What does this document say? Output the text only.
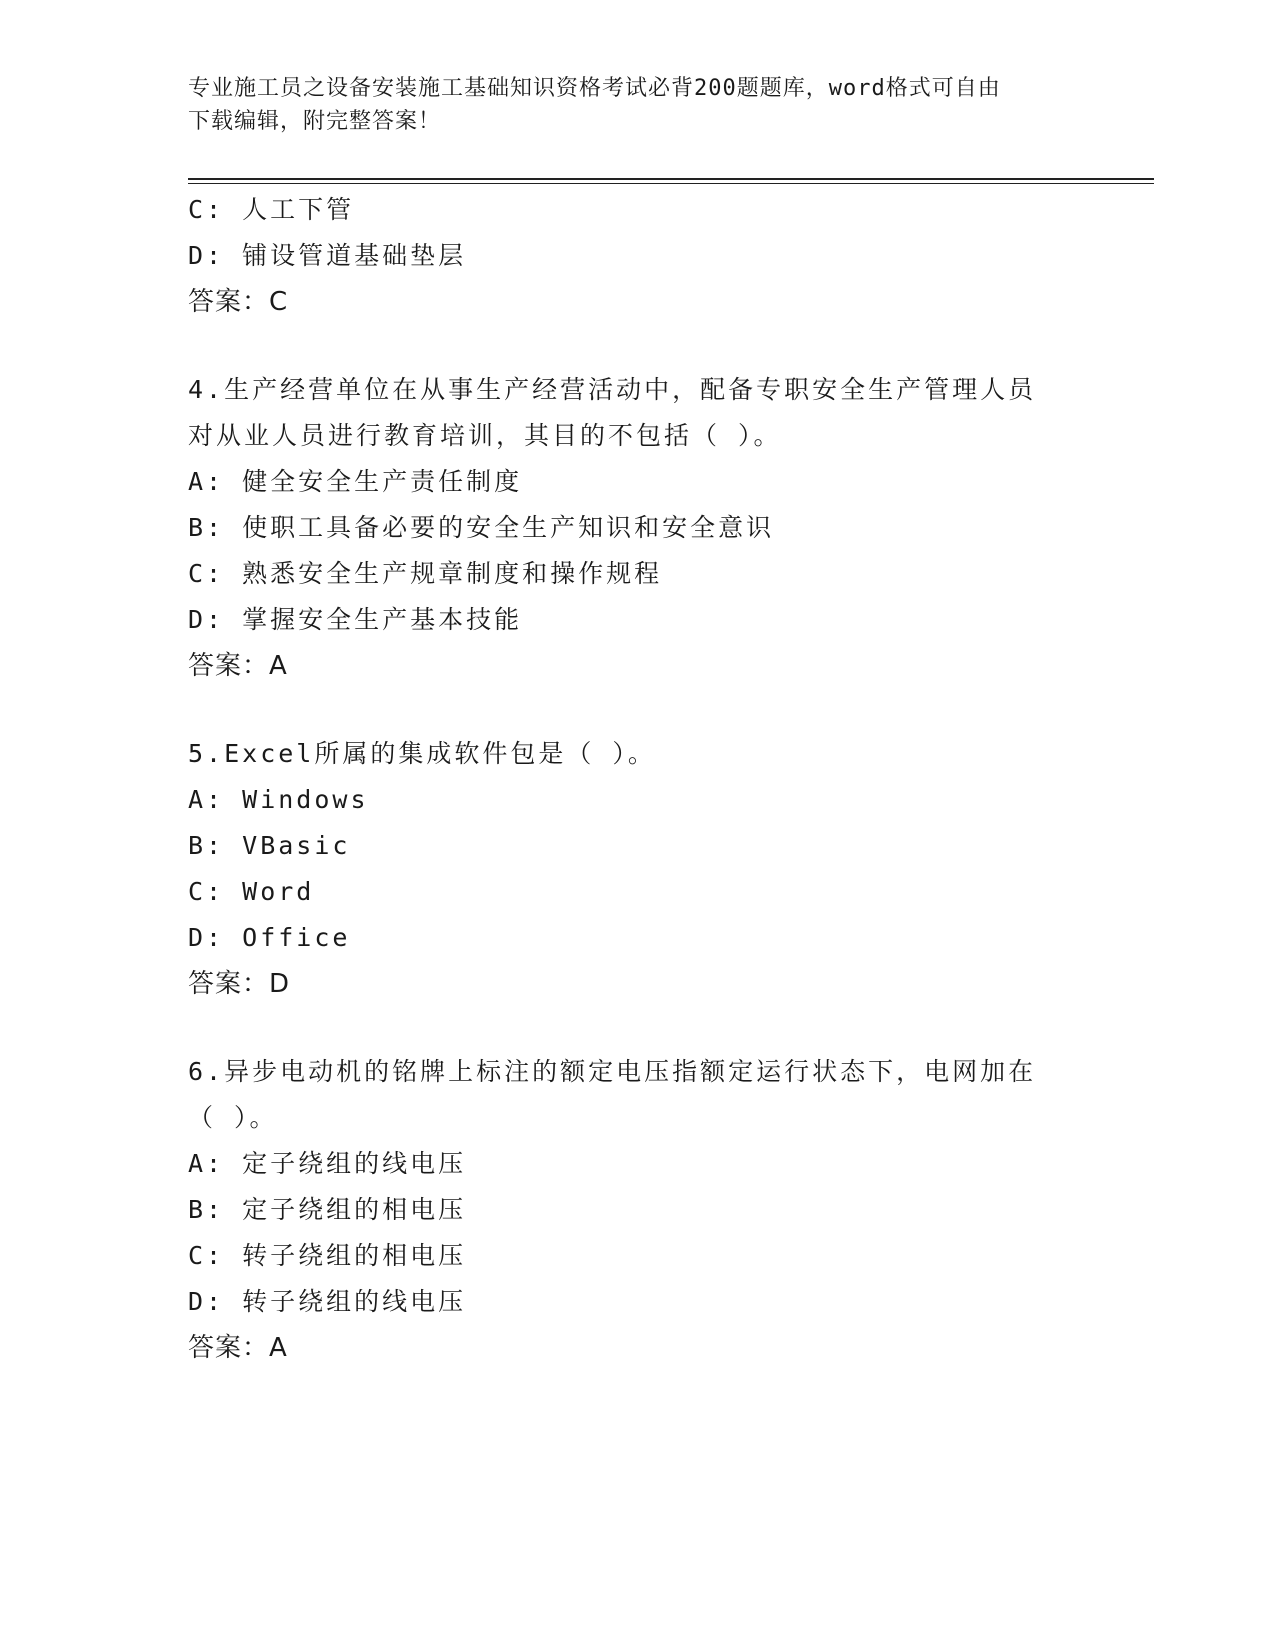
专业施工员之设备安装施工基础知识资格考试必背200题题库，word格式可自由
下载编辑，附完整答案！
C: 人工下管
D: 铺设管道基础垫层
答案：C
4.生产经营单位在从事生产经营活动中，配备专职安全生产管理人员
对从业人员进行教育培训，其目的不包括（ ）。
A: 健全安全生产责任制度
B: 使职工具备必要的安全生产知识和安全意识
C: 熟悉安全生产规章制度和操作规程
D: 掌握安全生产基本技能
答案：A
5.Excel所属的集成软件包是（ ）。
A: Windows
B: VBasic
C: Word
D: Office
答案：D
6.异步电动机的铭牌上标注的额定电压指额定运行状态下，电网加在
（ ）。
A: 定子绕组的线电压
B: 定子绕组的相电压
C: 转子绕组的相电压
D: 转子绕组的线电压
答案：A
